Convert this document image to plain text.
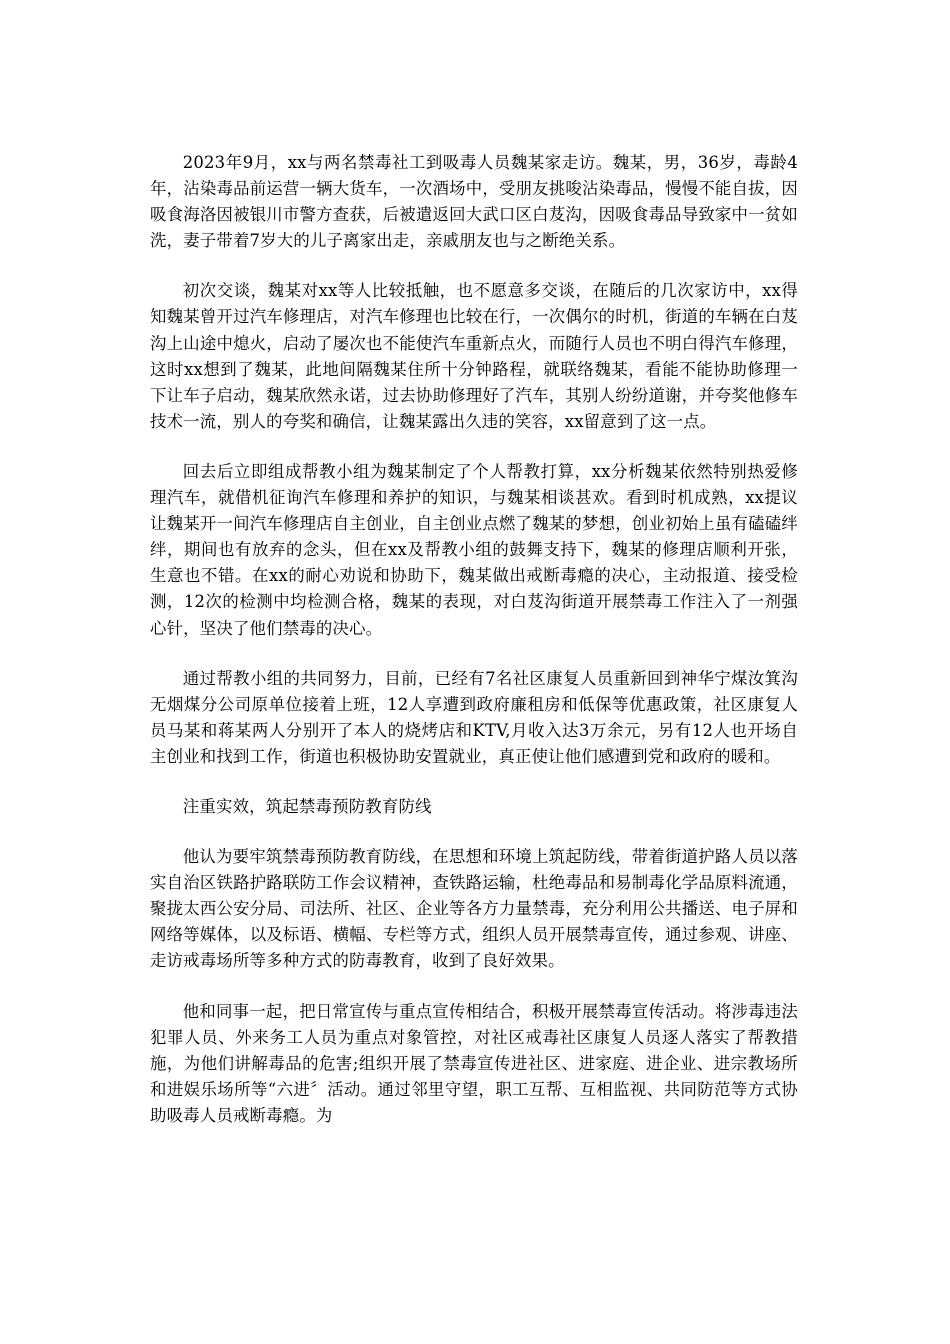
2023年9月，xx与两名禁毒社工到吸毒人员魏某家走访。魏某，男，36岁，毒龄4年，沾染毒品前运营一辆大货车，一次酒场中，受朋友挑唆沾染毒品，慢慢不能自拔，因吸食海洛因被银川市警方查获，后被遣返回大武口区白芨沟，因吸食毒品导致家中一贫如洗，妻子带着7岁大的儿子离家出走，亲戚朋友也与之断绝关系。

初次交谈，魏某对xx等人比较抵触，也不愿意多交谈，在随后的几次家访中，xx得知魏某曾开过汽车修理店，对汽车修理也比较在行，一次偶尔的时机，街道的车辆在白芨沟上山途中熄火，启动了屡次也不能使汽车重新点火，而随行人员也不明白得汽车修理，这时xx想到了魏某，此地间隔魏某住所十分钟路程，就联络魏某，看能不能协助修理一下让车子启动，魏某欣然永诺，过去协助修理好了汽车，其别人纷纷道谢，并夸奖他修车技术一流，别人的夸奖和确信，让魏某露出久违的笑容，xx留意到了这一点。

回去后立即组成帮教小组为魏某制定了个人帮教打算，xx分析魏某依然特别热爱修理汽车，就借机征询汽车修理和养护的知识，与魏某相谈甚欢。看到时机成熟，xx提议让魏某开一间汽车修理店自主创业，自主创业点燃了魏某的梦想，创业初始上虽有磕磕绊绊，期间也有放弃的念头，但在xx及帮教小组的鼓舞支持下，魏某的修理店顺利开张，生意也不错。在xx的耐心劝说和协助下，魏某做出戒断毒瘾的决心，主动报道、接受检测，12次的检测中均检测合格，魏某的表现，对白芨沟街道开展禁毒工作注入了一剂强心针，坚决了他们禁毒的决心。

通过帮教小组的共同努力，目前，已经有7名社区康复人员重新回到神华宁煤汝箕沟无烟煤分公司原单位接着上班，12人享遭到政府廉租房和低保等优惠政策，社区康复人员马某和蒋某两人分别开了本人的烧烤店和KTV,月收入达3万余元，另有12人也开场自主创业和找到工作，街道也积极协助安置就业，真正使让他们感遭到党和政府的暖和。

注重实效，筑起禁毒预防教育防线

他认为要牢筑禁毒预防教育防线，在思想和环境上筑起防线，带着街道护路人员以落实自治区铁路护路联防工作会议精神，查铁路运输，杜绝毒品和易制毒化学品原料流通，聚拢太西公安分局、司法所、社区、企业等各方力量禁毒，充分利用公共播送、电子屏和网络等媒体，以及标语、横幅、专栏等方式，组织人员开展禁毒宣传，通过参观、讲座、走访戒毒场所等多种方式的防毒教育，收到了良好效果。

他和同事一起，把日常宣传与重点宣传相结合，积极开展禁毒宣传活动。将涉毒违法犯罪人员、外来务工人员为重点对象管控，对社区戒毒社区康复人员逐人落实了帮教措施，为他们讲解毒品的危害;组织开展了禁毒宣传进社区、进家庭、进企业、进宗教场所和进娱乐场所等“六进〞活动。通过邻里守望，职工互帮、互相监视、共同防范等方式协助吸毒人员戒断毒瘾。为
